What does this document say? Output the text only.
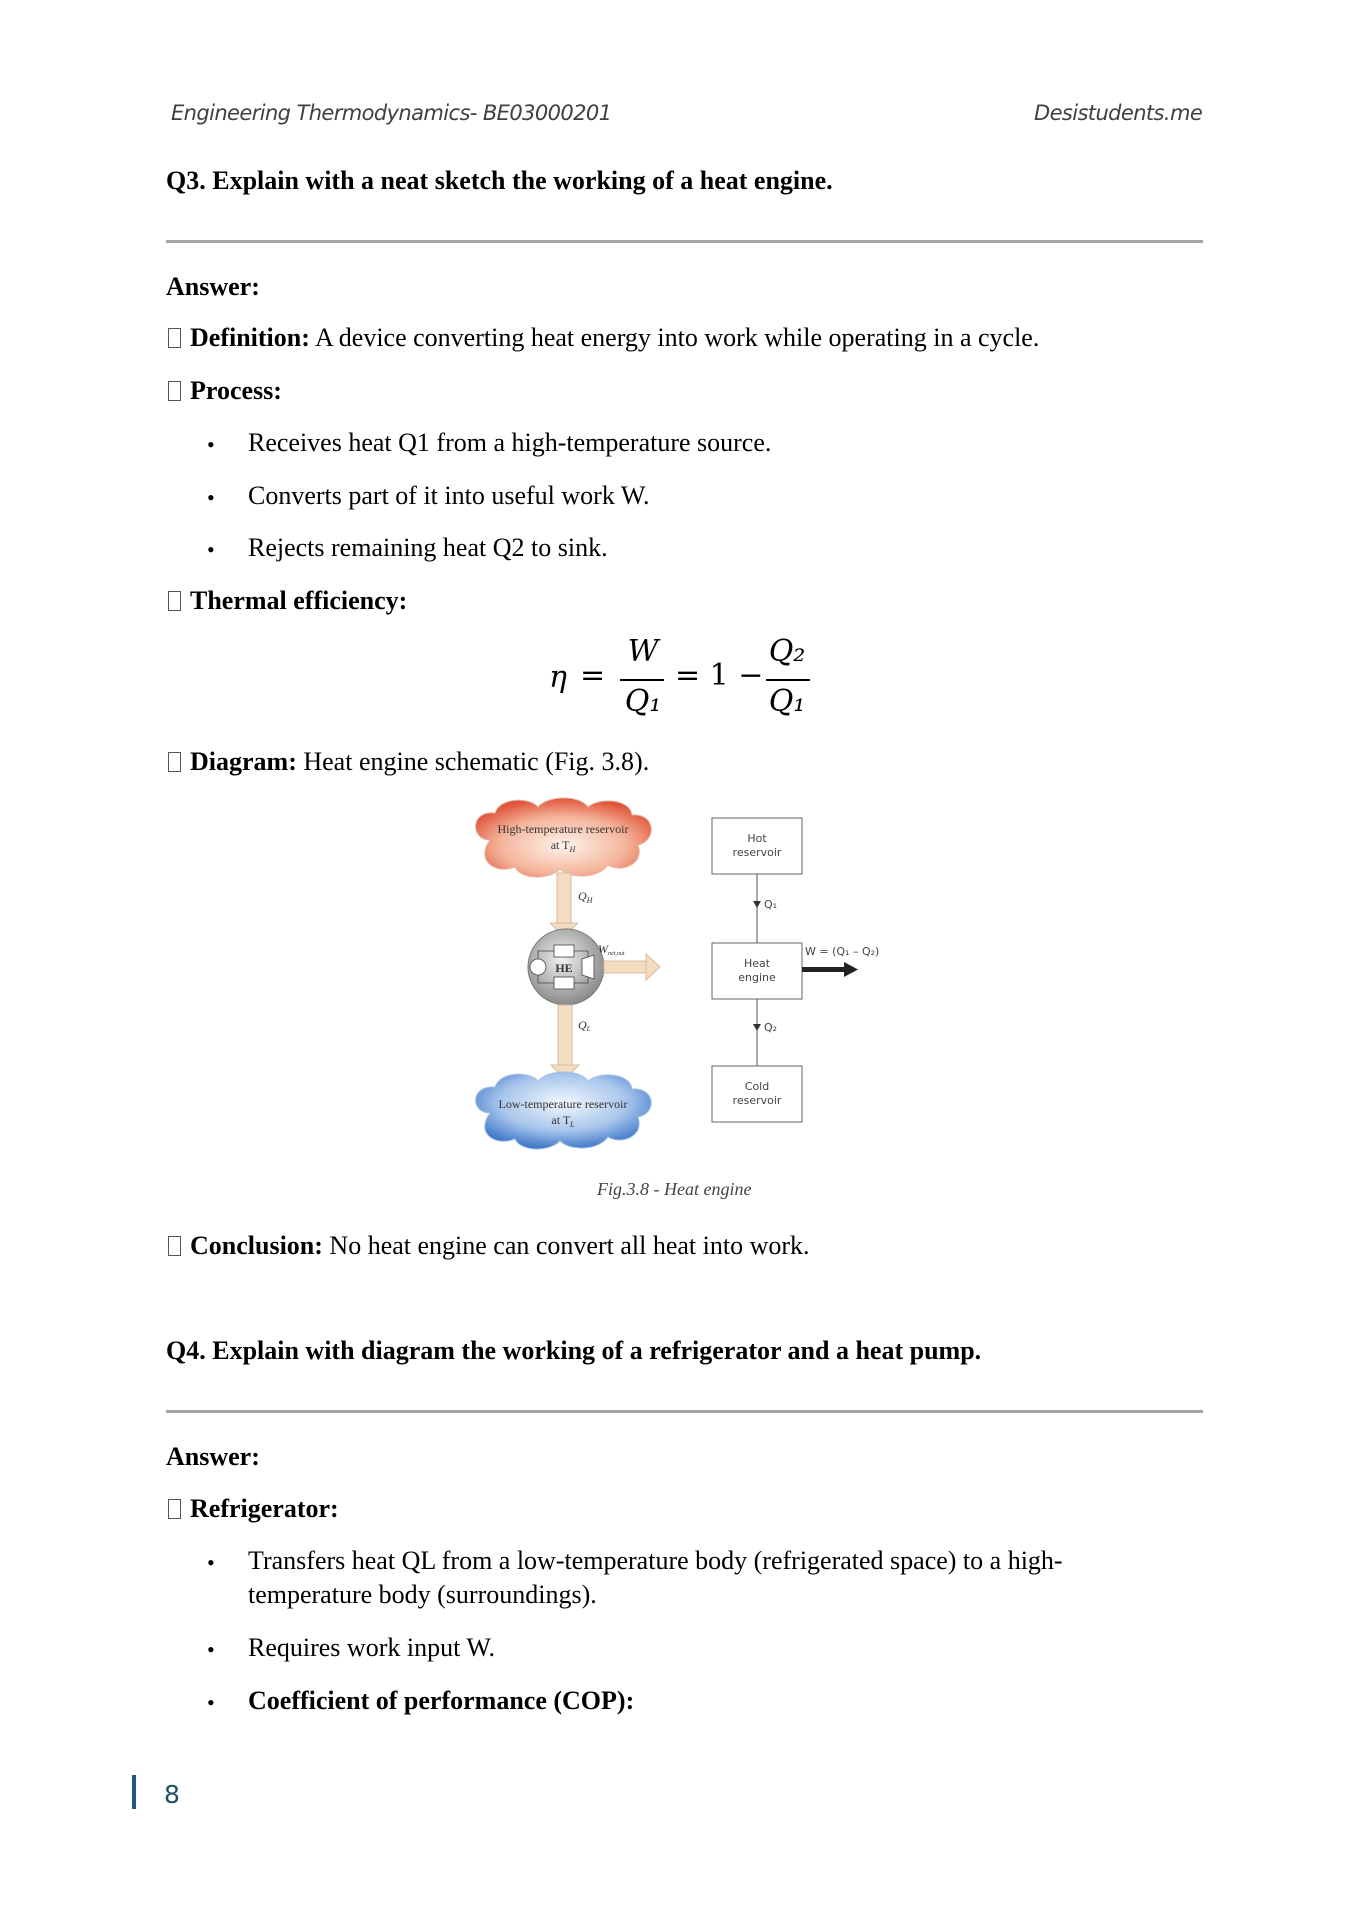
Engineering Thermodynamics- BE03000201	Desistudents.me
Q3. Explain with a neat sketch the working of a heat engine.
Answer:
Definition: A device converting heat energy into work while operating in a cycle.
Process:
• Receives heat Q1 from a high-temperature source.
• Converts part of it into useful work W.
• Rejects remaining heat Q2 to sink.
Thermal efficiency:
η =
W
Q₁
= 1 −
Q₂
Q₁
Diagram: Heat engine schematic (Fig. 3.8).
High-temperature reservoir
at $T_H$
$Q_H$
HE
Wnet,out
QL
Low-temperature reservoir
at $T_L$
Hot
reservoir
Q₁
Heat
engine
W = (Q₁ – Q₂)
Q₂
Cold
reservoir
Fig.3.8 - Heat engine
Conclusion: No heat engine can convert all heat into work.
Q4. Explain with diagram the working of a refrigerator and a heat pump.
Answer:
Refrigerator:
• Transfers heat QL from a low-temperature body (refrigerated space) to a high-
temperature body (surroundings).
• Requires work input W.
• Coefficient of performance (COP):
8
